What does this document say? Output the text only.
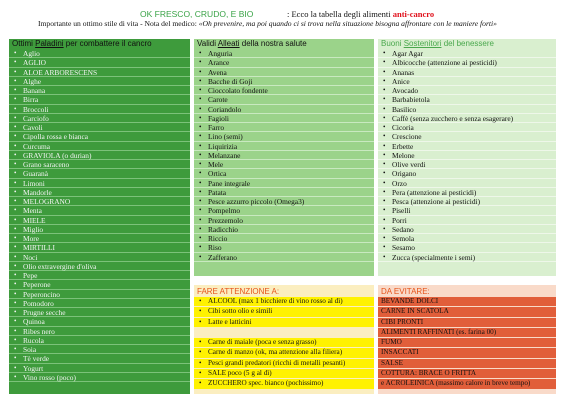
OK FRESCO, CRUDO, E BIO	: Ecco la tabella degli alimenti anti-cancro
Importante un ottimo stile di vita - Nota del medico: «Oh prevenire, ma poi quando ci si trova nella situazione bisogna affrontare con le maniere forti»
Ottimi Paladini per combattere il cancro
• Aglio
• AGLIO
• ALOE ARBORESCENS
• Alghe
• Banana
• Birra
• Broccoli
• Carciofo
• Cavoli
• Cipolla rossa e bianca
• Curcuma
• GRAVIOLA (o durian)
• Grano saraceno
• Guaranà
• Limoni
• Mandorle
• MELOGRANO
• Menta
• MIELE
• Miglio
• More
• MIRTILLI
• Noci
• Olio extravergine d'oliva
• Pepe
• Peperone
• Peperoncino
• Pomodoro
• Prugne secche
• Quinoa
• Ribes nero
• Rucola
• Soia
• Tè verde
• Yogurt
• Vino rosso (poco)
Validi Alleati della nostra salute
• Anguria
• Arance
• Avena
• Bacche di Goji
• Cioccolato fondente
• Carote
• Coriandolo
• Fagioli
• Farro
• Lino (semi)
• Liquirizia
• Melanzane
• Mele
• Ortica
• Pane integrale
• Patata
• Pesce azzurro piccolo (Omega3)
• Pompelmo
• Prezzemolo
• Radicchio
• Riccio
• Riso
• Zafferano
Buoni Sostenitori del benessere
• Agar Agar
• Albicocche (attenzione ai pesticidi)
• Ananas
• Anice
• Avocado
• Barbabietola
• Basilico
• Caffè (senza zucchero e senza esagerare)
• Cicoria
• Crescione
• Erbette
• Melone
• Olive verdi
• Origano
• Orzo
• Pera (attenzione ai pesticidi)
• Pesca (attenzione ai pesticidi)
• Piselli
• Porri
• Sedano
• Semola
• Sesamo
• Zucca (specialmente i semi)
FARE ATTENZIONE A:
• ALCOOL (max 1 bicchiere di vino rosso al dì)
• Cibi sotto olio e simili
• Latte e latticini
• Carne di maiale (poca e senza grasso)
• Carne di manzo (ok, ma attenzione alla filiera)
• Pesci grandi predatori (ricchi di metalli pesanti)
• SALE poco (5 g al dì)
• ZUCCHERO spec. bianco (pochissimo)
DA EVITARE:
BEVANDE DOLCI
CARNE IN SCATOLA
CIBI PRONTI
ALIMENTI RAFFINATI (es. farina 00)
FUMO
INSACCATI
SALSE
COTTURA: BRACE O FRITTA
e ACROLEINICA (massimo calore in breve tempo)
